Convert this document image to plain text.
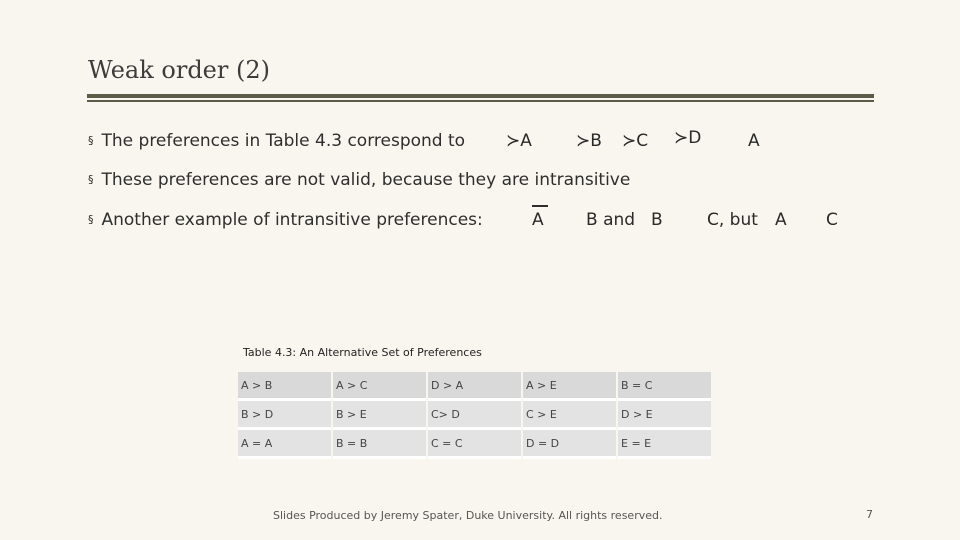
Weak order (2)
§ The preferences in Table 4.3 correspond to ≻A	≻B ≻C ≻D	A
§ These preferences are not valid, because they are intransitive
§ Another example of intransitive preferences:	A B and B	C, but A C
Table 4.3: An Alternative Set of Preferences
A > B	A > C	D > A	A > E	B = C
B > D	B > E	C> D	C > E	D > E
A = A	B = B	C = C	D = D	E = E
Slides Produced by Jeremy Spater, Duke University. All rights reserved.	7
